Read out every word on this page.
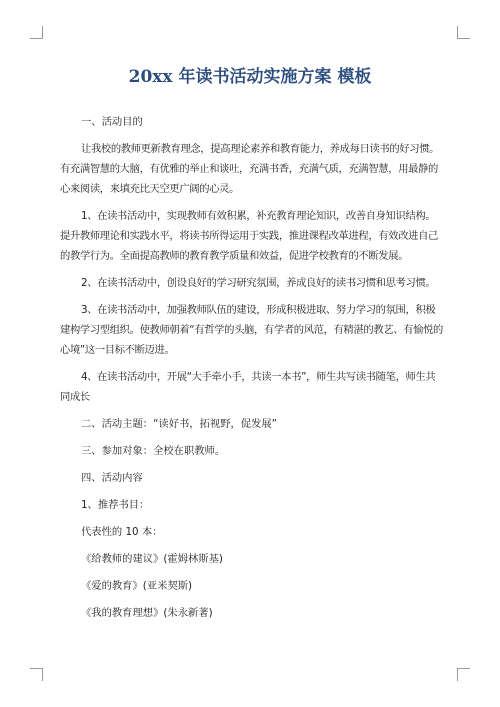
20xx 年读书活动实施方案 模板
一、活动目的
让我校的教师更新教育理念，提高理论素养和教育能力，养成每日读书的好习惯。有充满智慧的大脑，有优雅的举止和谈吐，充满书香，充满气质，充满智慧，用最静的心来阅读，来填充比天空更广阔的心灵。
1、在读书活动中，实现教师有效积累，补充教育理论知识，改善自身知识结构。提升教师理论和实践水平，将读书所得运用于实践，推进课程改革进程，有效改进自己的教学行为。全面提高教师的教育教学质量和效益，促进学校教育的不断发展。
2、在读书活动中，创设良好的学习研究氛围，养成良好的读书习惯和思考习惯。
3、在读书活动中，加强教师队伍的建设，形成积极进取、努力学习的氛围，积极建构学习型组织。使教师朝着“有哲学的头脑，有学者的风范，有精湛的教艺、有愉悦的心境”这一目标不断迈进。
4、在读书活动中，开展“大手牵小手，共读一本书”，师生共写读书随笔，师生共同成长
二、活动主题：“读好书，拓视野，促发展”
三、参加对象：全校在职教师。
四、活动内容
1、推荐书目：
代表性的 10 本：
《给教师的建议》(霍姆林斯基)
《爱的教育》(亚米契斯)
《我的教育理想》(朱永新著)
